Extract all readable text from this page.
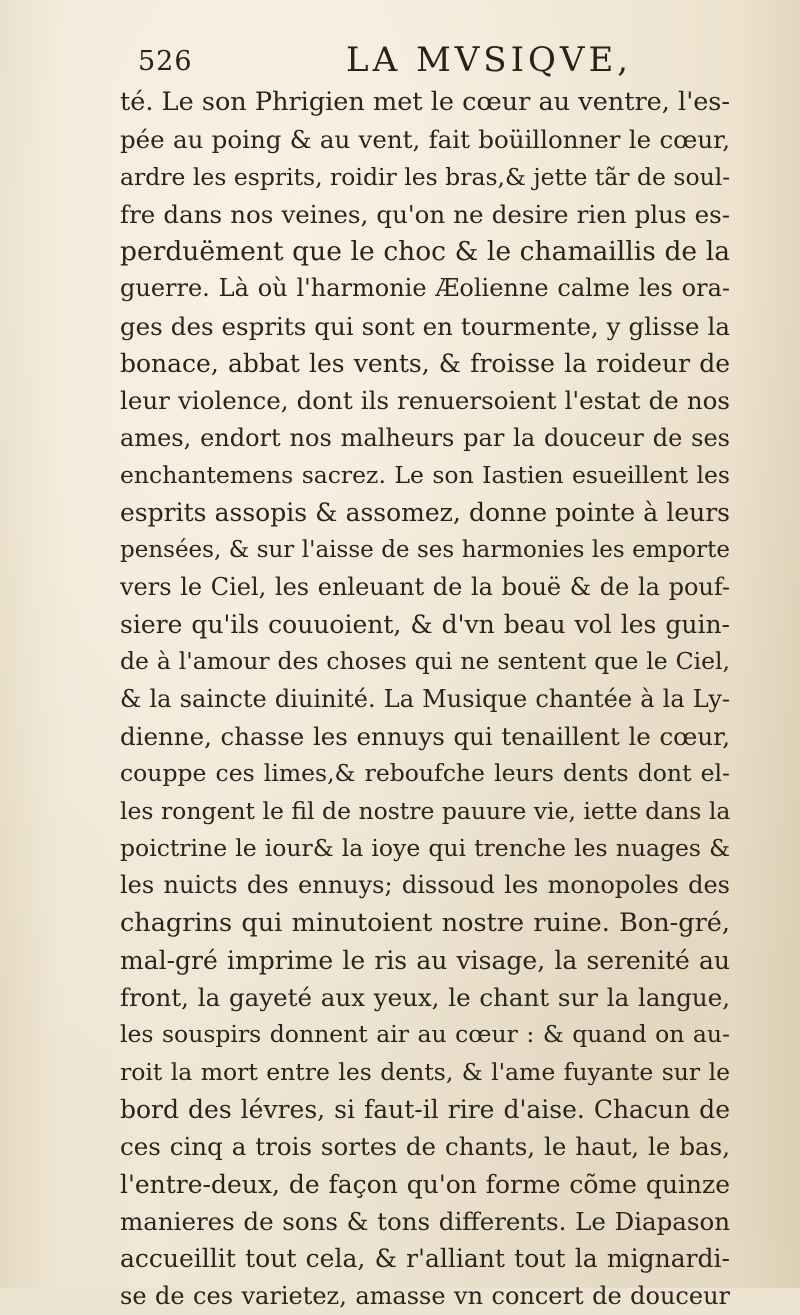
526	LA MVSIQVE,
té. Le son Phrigien met le cœur au ventre, l'es-
pée au poing & au vent, fait boüillonner le cœur,
ardre les esprits, roidir les bras,& jette tãr de soul-
fre dans nos veines, qu'on ne desire rien plus es-
perduëment que le choc & le chamaillis de la
guerre. Là où l'harmonie Æolienne calme les ora-
ges des esprits qui sont en tourmente, y glisse la
bonace, abbat les vents, & froisse la roideur de
leur violence, dont ils renuersoient l'estat de nos
ames, endort nos malheurs par la douceur de ses
enchantemens sacrez. Le son Iastien esueillent les
esprits assopis & assomez, donne pointe à leurs
pensées, & sur l'aisse de ses harmonies les emporte
vers le Ciel, les enleuant de la bouë & de la pouf-
siere qu'ils couuoient, & d'vn beau vol les guin-
de à l'amour des choses qui ne sentent que le Ciel,
& la saincte diuinité. La Musique chantée à la Ly-
dienne, chasse les ennuys qui tenaillent le cœur,
couppe ces limes,& reboufche leurs dents dont el-
les rongent le fil de nostre pauure vie, iette dans la
poictrine le iour& la ioye qui trenche les nuages &
les nuicts des ennuys; dissoud les monopoles des
chagrins qui minutoient nostre ruine. Bon-gré,
mal-gré imprime le ris au visage, la serenité au
front, la gayeté aux yeux, le chant sur la langue,
les souspirs donnent air au cœur : & quand on au-
roit la mort entre les dents, & l'ame fuyante sur le
bord des lévres, si faut-il rire d'aise. Chacun de
ces cinq a trois sortes de chants, le haut, le bas,
l'entre-deux, de façon qu'on forme cõme quinze
manieres de sons & tons differents. Le Diapason
accueillit tout cela, & r'alliant tout la mignardi-
se de ces varietez, amasse vn concert de douceur
